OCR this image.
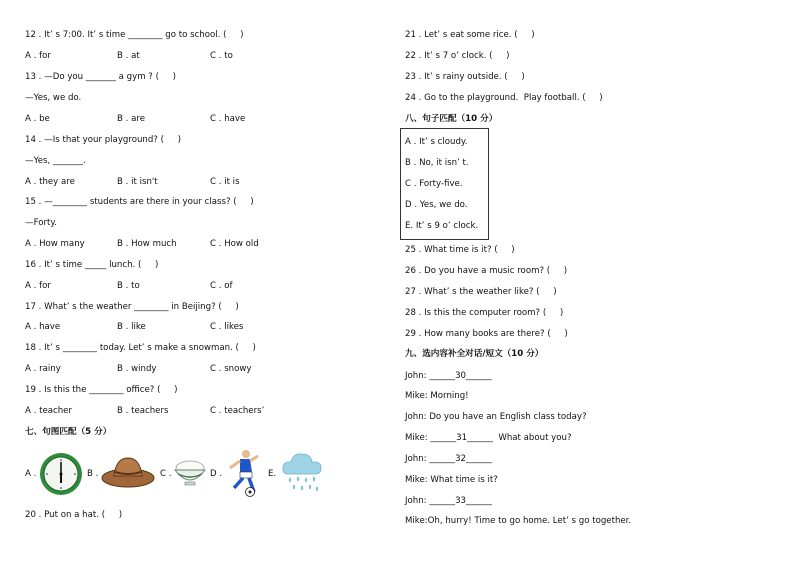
12 . It’ s 7:00. It’ s time ________ go to school. (     )
A . for	B . at	C . to
13 . —Do you _______ a gym ? (     )
—Yes, we do.
A . be	B . are	C . have
14 . —Is that your playground? (     )
—Yes, _______.
A . they are	B . it isn't	C . it is
15 . —________ students are there in your class? (     )
—Forty.
A . How many	B . How much	C . How old
16 . It’ s time _____ lunch. (     )
A . for	B . to	C . of
17 . What’ s the weather ________ in Beijing? (     )
A . have	B . like	C . likes
18 . It’ s ________ today. Let’ s make a snowman. (     )
A . rainy	B . windy	C . snowy
19 . Is this the ________ office? (     )
A . teacher	B . teachers	C . teachers’
七、句图匹配（5 分）
A .	B .	C .	D .	E.
20 . Put on a hat. (     )
21 . Let’ s eat some rice. (     )
22 . It’ s 7 o’ clock. (     )
23 . It’ s rainy outside. (     )
24 . Go to the playground.  Play football. (     )
八、句子匹配（10 分）
A . It’ s cloudy.
B . No, it isn’ t.
C . Forty-five.
D . Yes, we do.
E. It’ s 9 o’ clock.
25 . What time is it? (     )
26 . Do you have a music room? (     )
27 . What’ s the weather like? (     )
28 . Is this the computer room? (     )
29 . How many books are there? (     )
九、选内容补全对话/短文（10 分）
John: ______30______
Mike: Morning!
John: Do you have an English class today?
Mike: ______31______  What about you?
John: ______32______
Mike: What time is it?
John: ______33______
Mike:Oh, hurry! Time to go home. Let’ s go together.
